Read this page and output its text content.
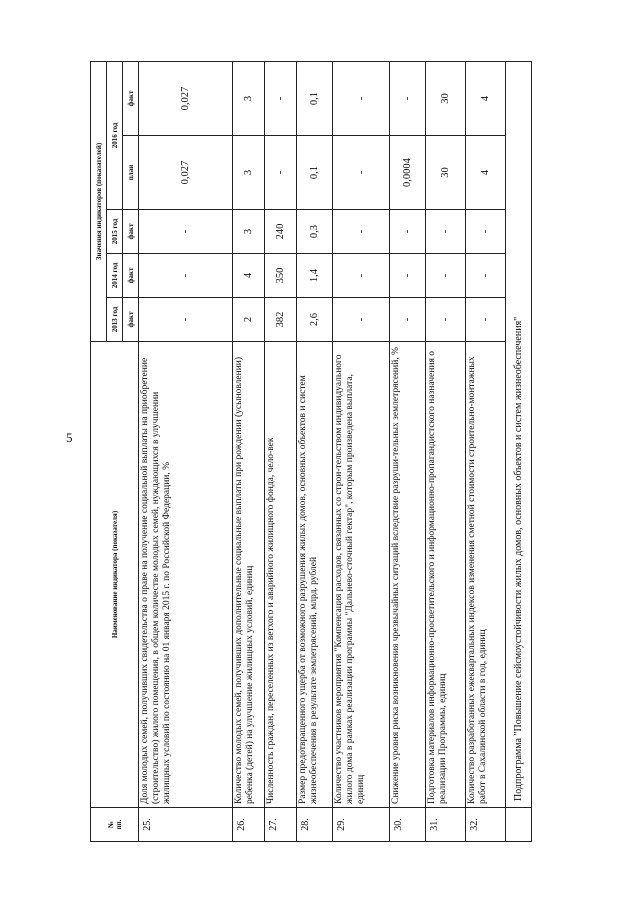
5
№
пп.	Наименование индикатора (показателя)	Значения индикаторов (показателей)				
		2013 год	2014 год	2015 год	2016 год	
		факт	факт	факт	план	факт
25.	Доля молодых семей, получивших свидетельства о праве на получение социальной выплаты на приобретение (строительство) жилого помещения, в общем количестве молодых семей, нуждающихся в улучшении жилищных условий по состоянию на 01 января 2015 г. по Российской Федерации, %	-	-	-	0,027	0,027
26.	Количество молодых семей, получивших дополнительные социальные выплаты при рождении (усыновлении) ребенка (детей) на улучшение жилищных условий, единиц	2	4	3	3	3
27.	Численность граждан, переселенных из ветхого и аварийного жилищного фонда, чело-век	382	350	240	-	-
28.	Размер предотвращенного ущерба от возможного разрушения жилых домов, основных объектов и систем жизнеобеспечения в результате землетрясений, млрд. рублей	2,6	1,4	0,3	0,1	0,1
29.	Количество участников мероприятия "Компенсация расходов, связанных со строи-тельством индивидуального жилого дома в рамках реализации программы "Дальнево-сточный гектар", которым произведена выплата, единиц	-	-	-	-	-
30.	Снижение уровня риска возникновения чрезвычайных ситуаций вследствие разруши-тельных землетрясений, %	-	-	-	0,0004	-
31.	Подготовка материалов информационно-просветительского и информационно-пропагандистского назначения о реализации Программы, единиц	-	-	-	30	30
32.	Количество разработанных ежеквартальных индексов изменения сметной стоимости строительно-монтажных работ в Сахалинской области в год, единиц	-	-	-	4	4
	Подпрограмма "Повышение сейсмоустойчивости жилых домов, основных объектов и систем жизнеобеспечения"					
